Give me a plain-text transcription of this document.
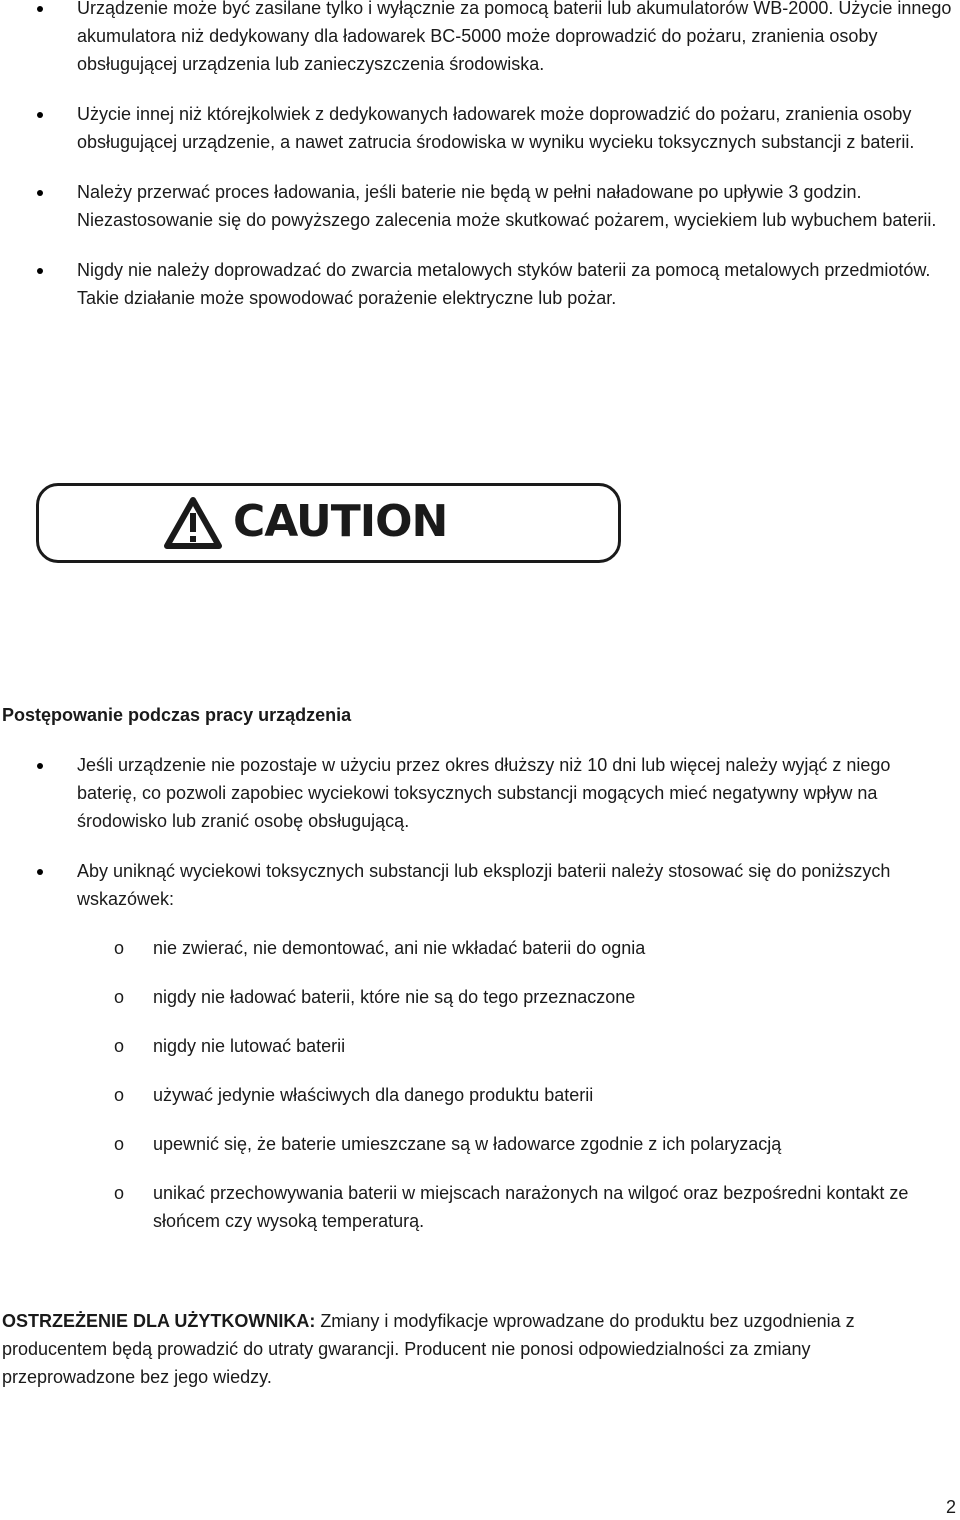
Urządzenie może być zasilane tylko i wyłącznie za pomocą baterii lub akumulatorów WB-2000. Użycie innego akumulatora niż dedykowany dla ładowarek BC-5000 może doprowadzić do pożaru, zranienia osoby obsługującej urządzenia lub zanieczyszczenia środowiska.
Użycie innej niż którejkolwiek z dedykowanych ładowarek może doprowadzić do pożaru, zranienia osoby obsługującej urządzenie, a nawet zatrucia środowiska w wyniku wycieku toksycznych substancji z baterii.
Należy przerwać proces ładowania, jeśli baterie nie będą w pełni naładowane po upływie 3 godzin. Niezastosowanie się do powyższego zalecenia może skutkować pożarem, wyciekiem lub wybuchem baterii.
Nigdy nie należy doprowadzać do zwarcia metalowych styków baterii za pomocą metalowych przedmiotów. Takie działanie może spowodować porażenie elektryczne lub pożar.
CAUTION
Postępowanie podczas pracy urządzenia
Jeśli urządzenie nie pozostaje w użyciu przez okres dłuższy niż 10 dni lub więcej należy wyjąć z niego baterię, co pozwoli zapobiec wyciekowi toksycznych substancji mogących mieć negatywny wpływ na środowisko lub zranić osobę obsługującą.
Aby uniknąć wyciekowi toksycznych substancji lub eksplozji baterii należy stosować się do poniższych wskazówek:
o nie zwierać, nie demontować, ani nie wkładać baterii do ognia
o nigdy nie ładować baterii, które nie są do tego przeznaczone
o nigdy nie lutować baterii
o używać jedynie właściwych dla danego produktu baterii
o upewnić się, że baterie umieszczane są w ładowarce zgodnie z ich polaryzacją
o unikać przechowywania baterii w miejscach narażonych na wilgoć oraz bezpośredni kontakt ze słońcem czy wysoką temperaturą.
OSTRZEŻENIE DLA UŻYTKOWNIKA: Zmiany i modyfikacje wprowadzane do produktu bez uzgodnienia z producentem będą prowadzić do utraty gwarancji. Producent nie ponosi odpowiedzialności za zmiany przeprowadzone bez jego wiedzy.
2
